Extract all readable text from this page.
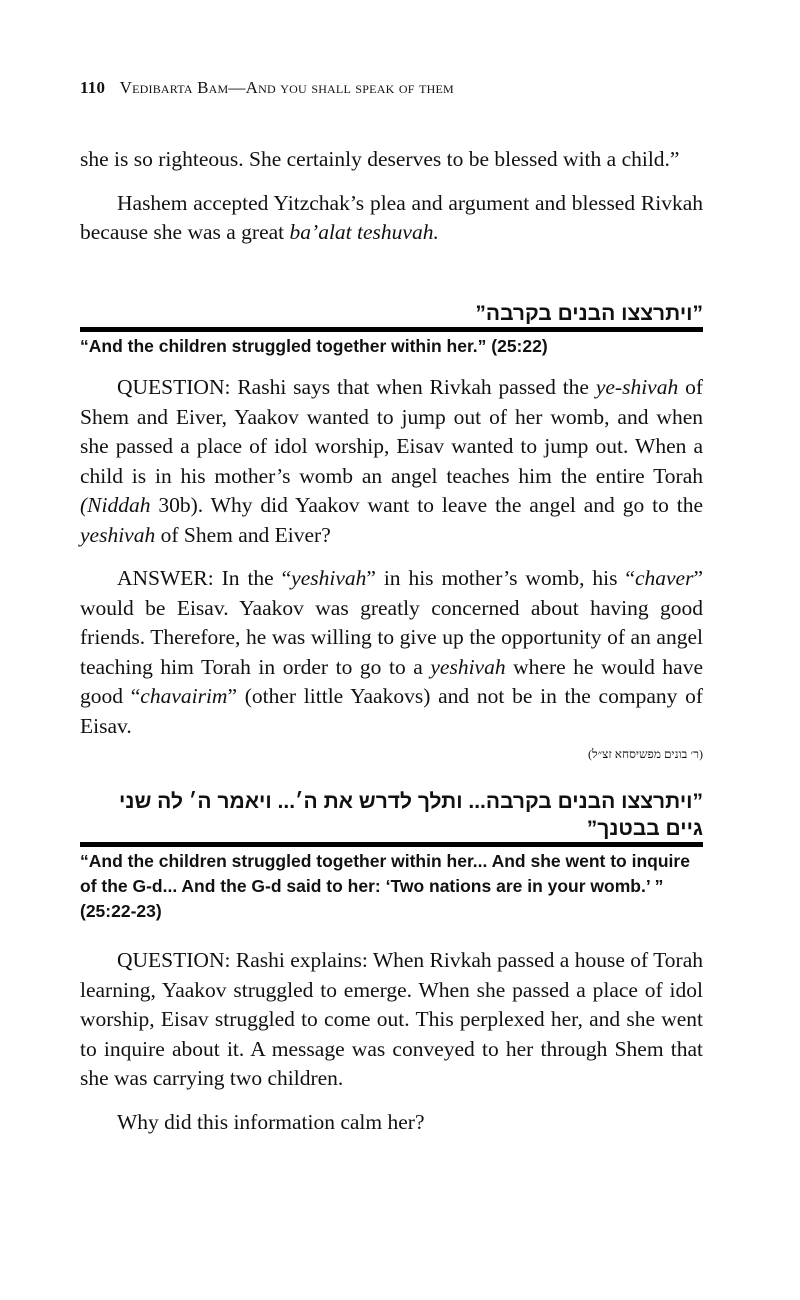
110 Vedibarta Bam—And you shall speak of them

she is so righteous. She certainly deserves to be blessed with a child.”

Hashem accepted Yitzchak’s plea and argument and blessed Rivkah because she was a great ba’alat teshuvah.

”ויתרצצו הבנים בקרבה”
“And the children struggled together within her.” (25:22)

QUESTION: Rashi says that when Rivkah passed the ye-shivah of Shem and Eiver, Yaakov wanted to jump out of her womb, and when she passed a place of idol worship, Eisav wanted to jump out. When a child is in his mother’s womb an angel teaches him the entire Torah (Niddah 30b). Why did Yaakov want to leave the angel and go to the yeshivah of Shem and Eiver?

ANSWER: In the “yeshivah” in his mother’s womb, his “chaver” would be Eisav. Yaakov was greatly concerned about having good friends. Therefore, he was willing to give up the opportunity of an angel teaching him Torah in order to go to a yeshivah where he would have good “chavairim” (other little Yaakovs) and not be in the company of Eisav.

(ר׳ בונים מפשיסחא זצ״ל)
”ויתרצצו הבנים בקרבה... ותלך לדרש את ה׳... ויאמר ה׳ לה שני גיים בבטנך”
“And the children struggled together within her... And she went to inquire of the G-d... And the G-d said to her: ‘Two nations are in your womb.’ ” (25:22-23)

QUESTION: Rashi explains: When Rivkah passed a house of Torah learning, Yaakov struggled to emerge. When she passed a place of idol worship, Eisav struggled to come out. This perplexed her, and she went to inquire about it. A message was conveyed to her through Shem that she was carrying two children.

Why did this information calm her?
